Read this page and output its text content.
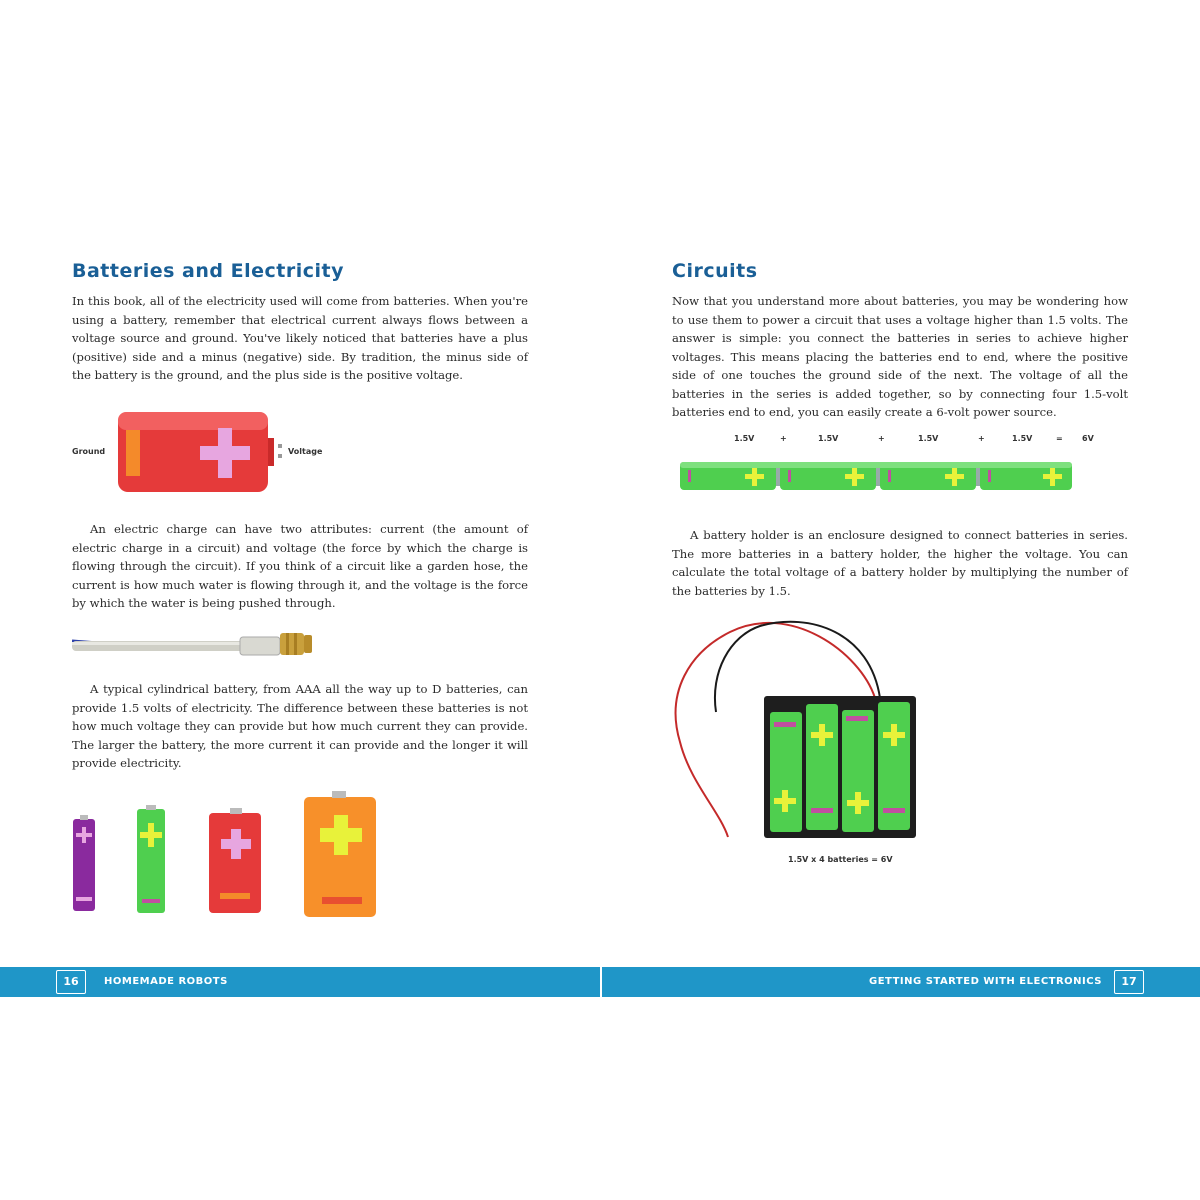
Batteries and Electricity

In this book, all of the electricity used will come from batteries. When you're using a battery, remember that electrical current always flows between a voltage source and ground. You've likely noticed that batteries have a plus (positive) side and a minus (negative) side. By tradition, the minus side of the battery is the ground, and the plus side is the positive voltage.

Ground	Voltage

An electric charge can have two attributes: current (the amount of electric charge in a circuit) and voltage (the force by which the charge is flowing through the circuit). If you think of a circuit like a garden hose, the current is how much water is flowing through it, and the voltage is the force by which the water is being pushed through.

A typical cylindrical battery, from AAA all the way up to D batteries, can provide 1.5 volts of electricity. The difference between these batteries is not how much voltage they can provide but how much current they can provide. The larger the battery, the more current it can provide and the longer it will provide electricity.

Circuits

Now that you understand more about batteries, you may be wondering how to use them to power a circuit that uses a voltage higher than 1.5 volts. The answer is simple: you connect the batteries in series to achieve higher voltages. This means placing the batteries end to end, where the positive side of one touches the ground side of the next. The voltage of all the batteries in the series is added together, so by connecting four 1.5-volt batteries end to end, you can easily create a 6-volt power source.

1.5V	+	1.5V	+	1.5V	+	1.5V	= 6V

A battery holder is an enclosure designed to connect batteries in series. The more batteries in a battery holder, the higher the voltage. You can calculate the total voltage of a battery holder by multiplying the number of the batteries by 1.5.

1.5V x 4 batteries = 6V
16	HOMEMADE ROBOTS	GETTING STARTED WITH ELECTRONICS	17
